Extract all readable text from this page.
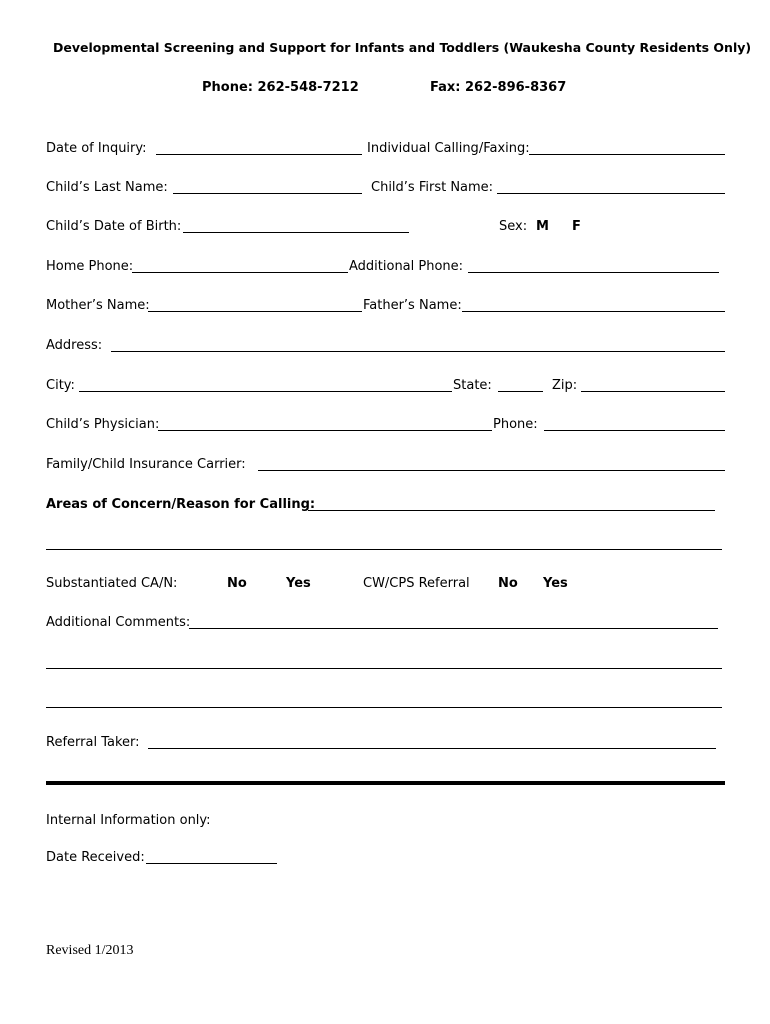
Developmental Screening and Support for Infants and Toddlers (Waukesha County Residents Only)
Phone: 262-548-7212	Fax: 262-896-8367
Date of Inquiry:	Individual Calling/Faxing:
Child’s Last Name:	Child’s First Name:
Child’s Date of Birth:	Sex: M F
Home Phone:	Additional Phone:
Mother’s Name:	Father’s Name:
Address:
City:	State:	Zip:
Child’s Physician:	Phone:
Family/Child Insurance Carrier:
Areas of Concern/Reason for Calling:
Substantiated CA/N:	No	Yes	CW/CPS Referral No Yes
Additional Comments:
Referral Taker:
Internal Information only:
Date Received:
Revised 1/2013
